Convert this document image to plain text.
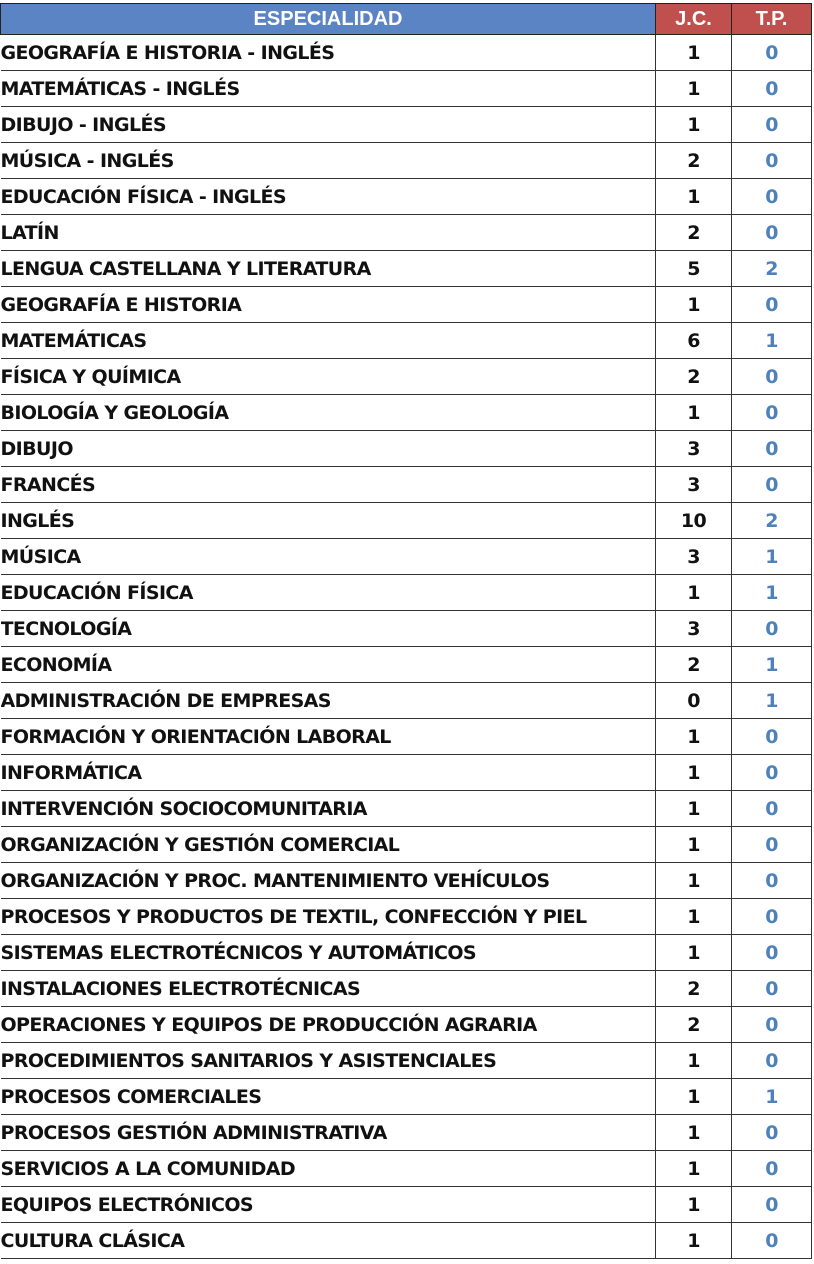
ESPECIALIDAD	J.C.	T.P.
GEOGRAFÍA E HISTORIA - INGLÉS	1	0
MATEMÁTICAS - INGLÉS	1	0
DIBUJO - INGLÉS	1	0
MÚSICA - INGLÉS	2	0
EDUCACIÓN FÍSICA - INGLÉS	1	0
LATÍN	2	0
LENGUA CASTELLANA Y LITERATURA	5	2
GEOGRAFÍA E HISTORIA	1	0
MATEMÁTICAS	6	1
FÍSICA Y QUÍMICA	2	0
BIOLOGÍA Y GEOLOGÍA	1	0
DIBUJO	3	0
FRANCÉS	3	0
INGLÉS	10	2
MÚSICA	3	1
EDUCACIÓN FÍSICA	1	1
TECNOLOGÍA	3	0
ECONOMÍA	2	1
ADMINISTRACIÓN DE EMPRESAS	0	1
FORMACIÓN Y ORIENTACIÓN LABORAL	1	0
INFORMÁTICA	1	0
INTERVENCIÓN SOCIOCOMUNITARIA	1	0
ORGANIZACIÓN Y GESTIÓN COMERCIAL	1	0
ORGANIZACIÓN Y PROC. MANTENIMIENTO VEHÍCULOS	1	0
PROCESOS Y PRODUCTOS DE TEXTIL, CONFECCIÓN Y PIEL	1	0
SISTEMAS ELECTROTÉCNICOS Y AUTOMÁTICOS	1	0
INSTALACIONES ELECTROTÉCNICAS	2	0
OPERACIONES Y EQUIPOS DE PRODUCCIÓN AGRARIA	2	0
PROCEDIMIENTOS SANITARIOS Y ASISTENCIALES	1	0
PROCESOS COMERCIALES	1	1
PROCESOS GESTIÓN ADMINISTRATIVA	1	0
SERVICIOS A LA COMUNIDAD	1	0
EQUIPOS ELECTRÓNICOS	1	0
CULTURA CLÁSICA	1	0
